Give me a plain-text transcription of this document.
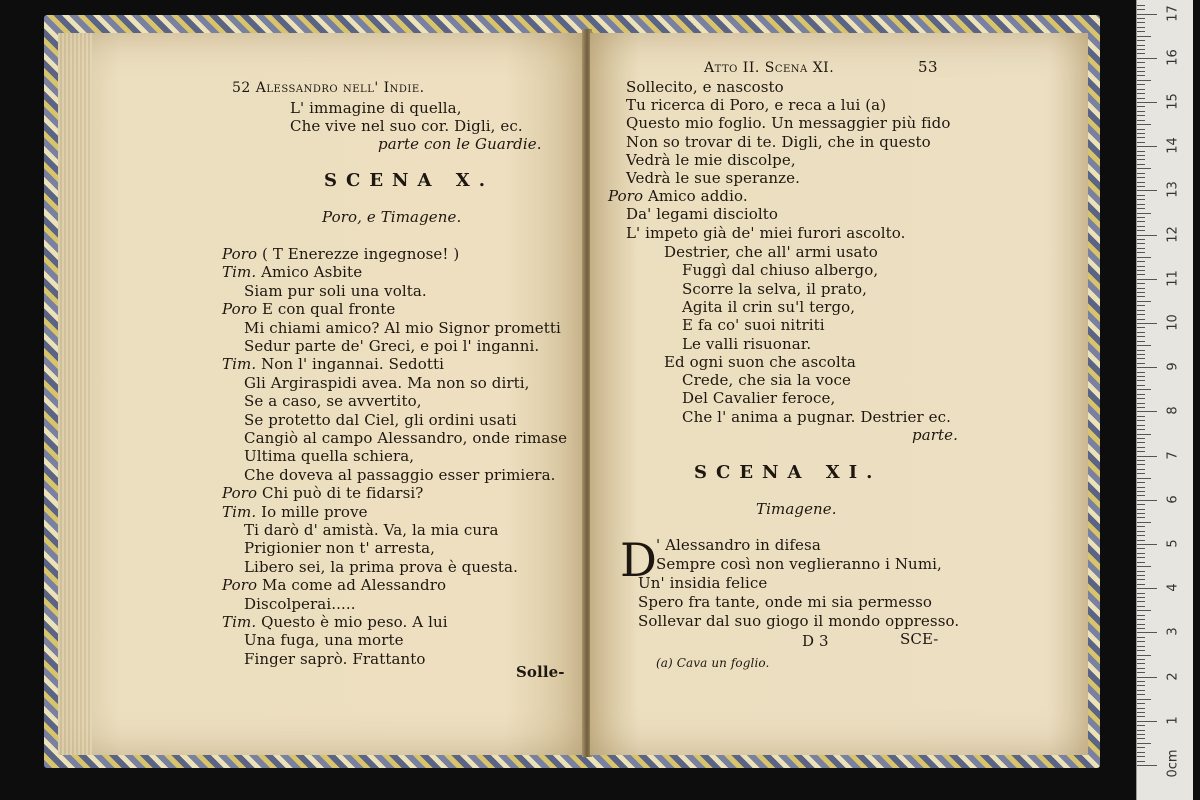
52 Alessandro nell' Indie.
L' immagine di quella,
Che vive nel suo cor. Digli, ec.
parte con le Guardie.
SCENA X.
Poro, e Timagene.
Poro ( T Enerezze ingegnose! )
Tim. Amico Asbite
Siam pur soli una volta.
Poro E con qual fronte
Mi chiami amico? Al mio Signor prometti
Sedur parte de' Greci, e poi l' inganni.
Tim. Non l' ingannai. Sedotti
Gli Argiraspidi avea. Ma non so dirti,
Se a caso, se avvertito,
Se protetto dal Ciel, gli ordini usati
Cangiò al campo Alessandro, onde rimase
Ultima quella schiera,
Che doveva al passaggio esser primiera.
Poro Chi può di te fidarsi?
Tim. Io mille prove
Ti darò d' amistà. Va, la mia cura
Prigionier non t' arresta,
Libero sei, la prima prova è questa.
Poro Ma come ad Alessandro
Discolperai.....
Tim. Questo è mio peso. A lui
Una fuga, una morte
Finger saprò. Frattanto
Solle-
Atto II. Scena XI.	53
Sollecito, e nascosto
Tu ricerca di Poro, e reca a lui (a)
Questo mio foglio. Un messaggier più fido
Non so trovar di te. Digli, che in questo
Vedrà le mie discolpe,
Vedrà le sue speranze.
Poro Amico addio.
Da' legami disciolto
L' impeto già de' miei furori ascolto.
Destrier, che all' armi usato
Fuggì dal chiuso albergo,
Scorre la selva, il prato,
Agita il crin su'l tergo,
E fa co' suoi nitriti
Le valli risuonar.
Ed ogni suon che ascolta
Crede, che sia la voce
Del Cavalier feroce,
Che l' anima a pugnar. Destrier ec.
parte.
SCENA XI.
Timagene.
D ' Alessandro in difesa
Sempre così non veglieranno i Numi,
Un' insidia felice
Spero fra tante, onde mi sia permesso
Sollevar dal suo giogo il mondo oppresso.
D 3	SCE-
(a) Cava un foglio.
0cm
1
2
3
4
5
6
7
8
9
10
11
12
13
14
15
16
17
